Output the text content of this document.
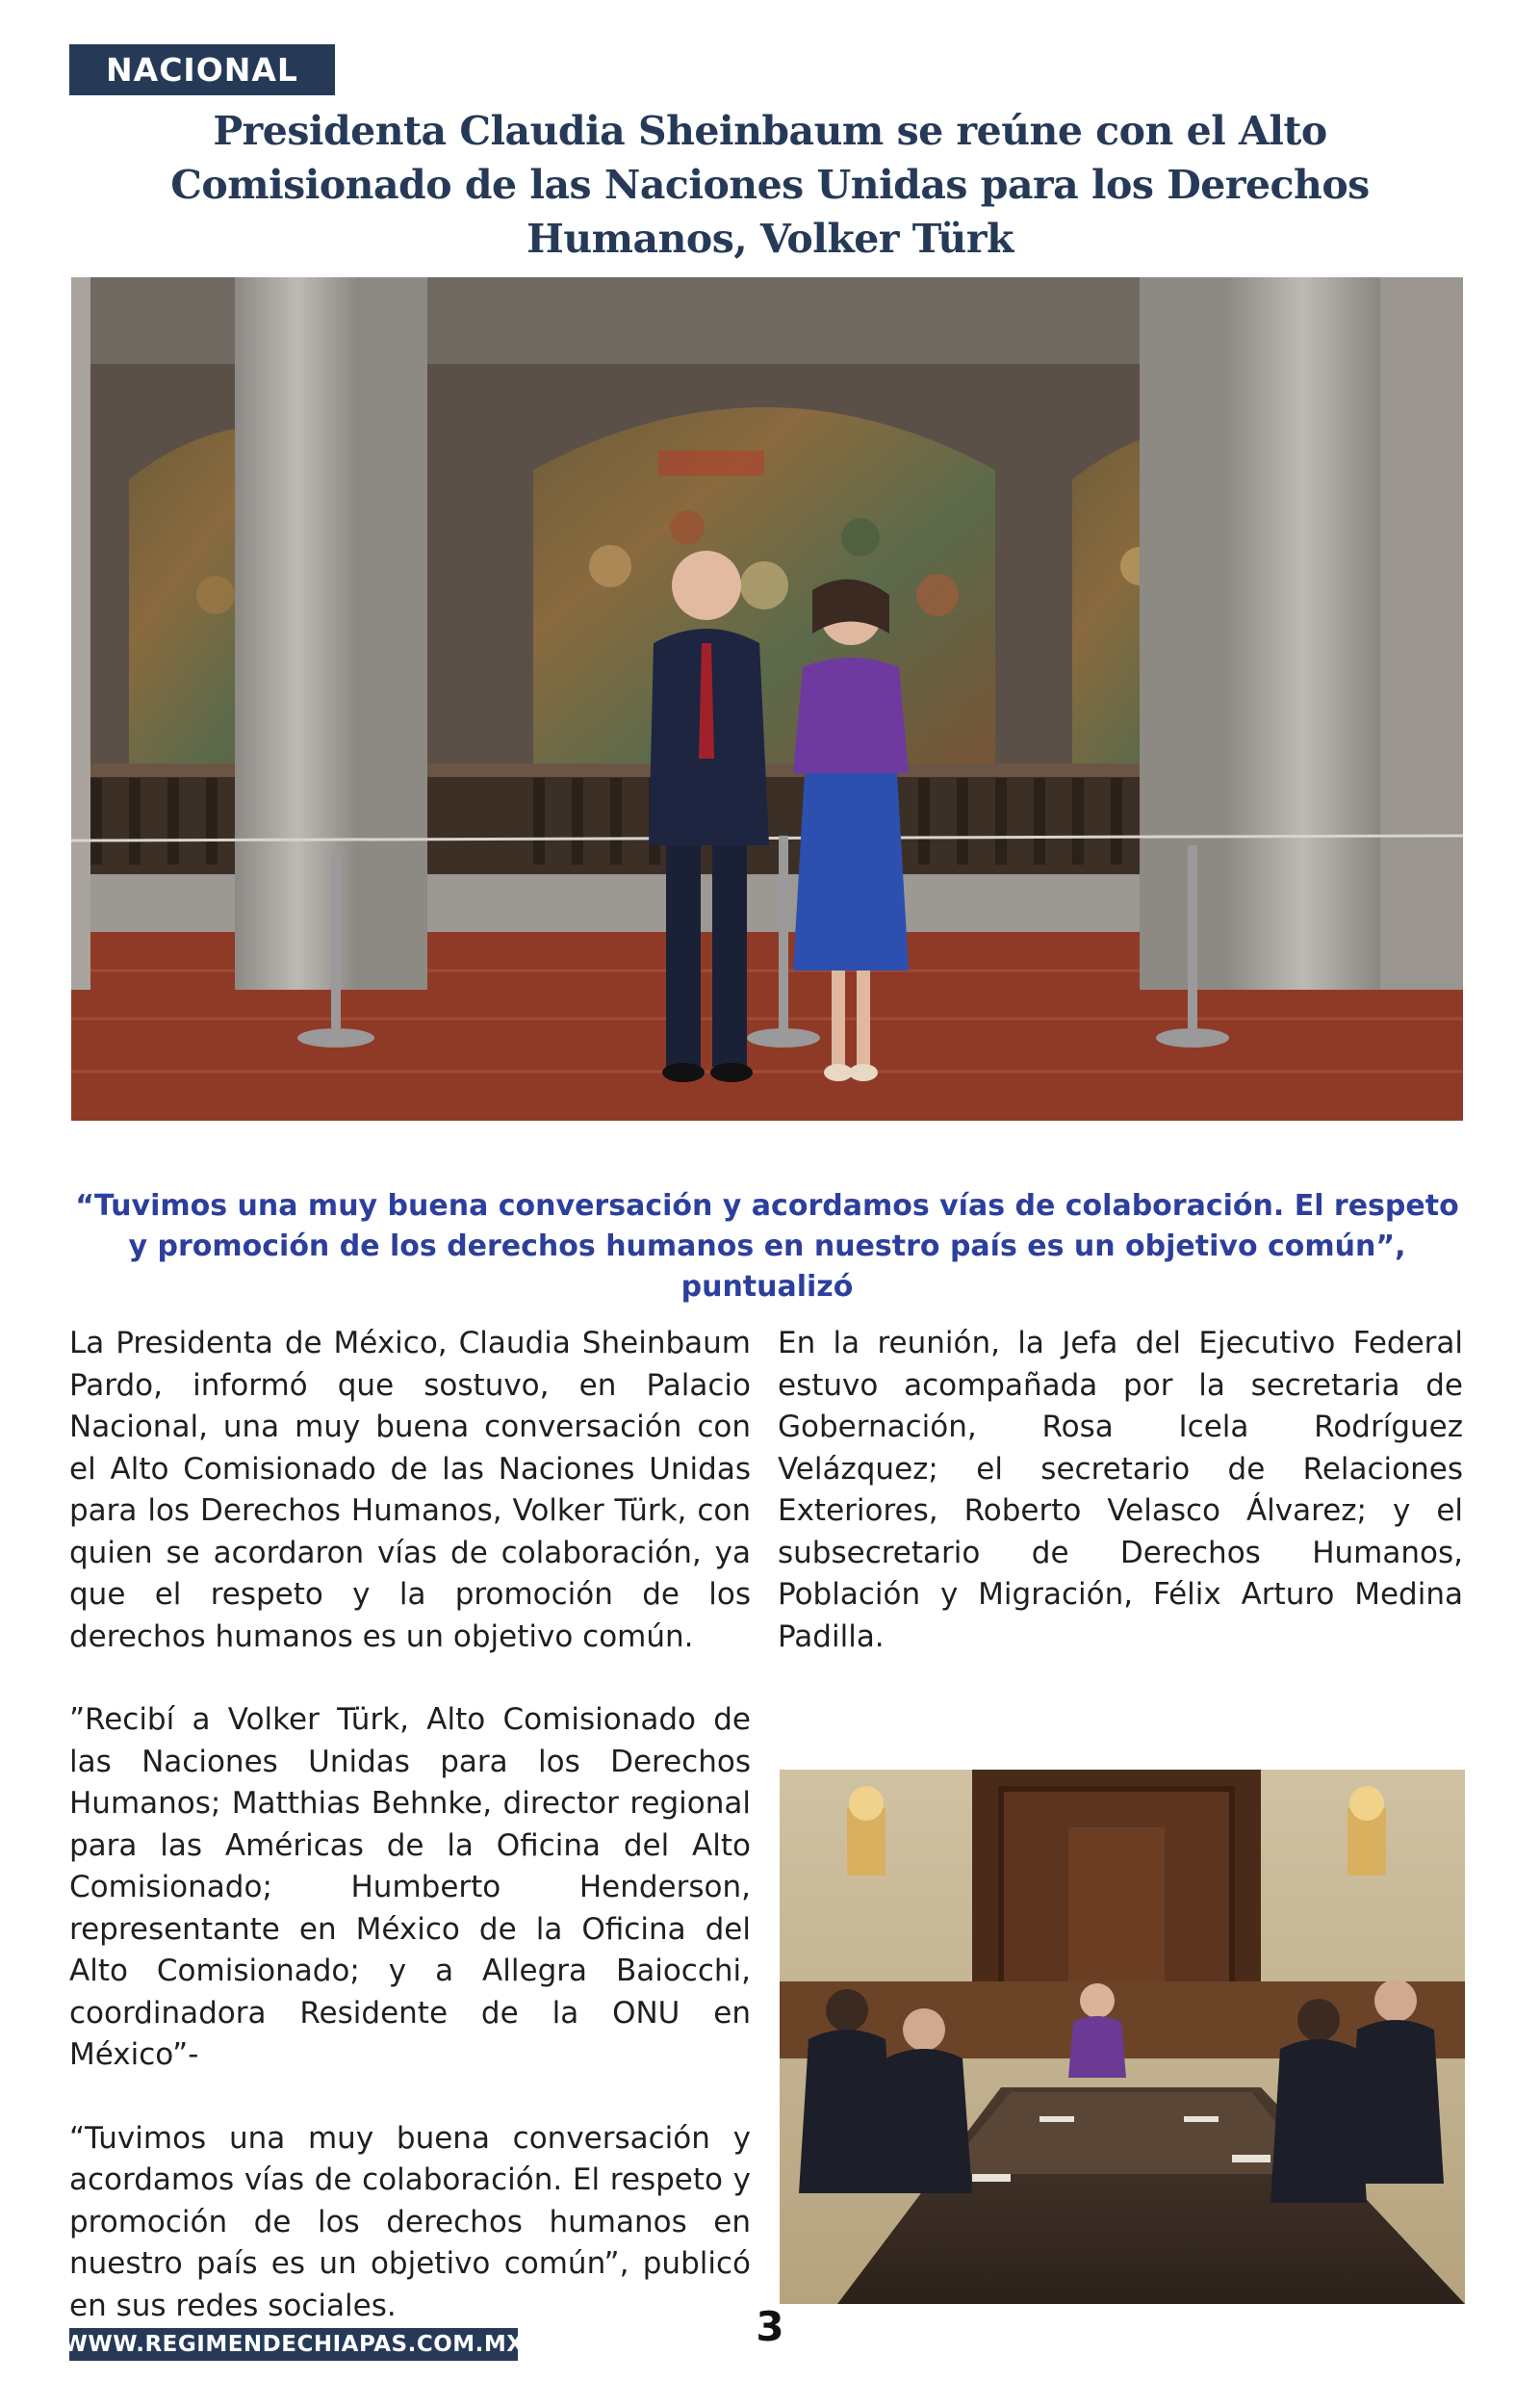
NACIONAL
Presidenta Claudia Sheinbaum se reúne con el Alto Comisionado de las Naciones Unidas para los Derechos Humanos, Volker Türk

“Tuvimos una muy buena conversación y acordamos vías de colaboración. El respeto y promoción de los derechos humanos en nuestro país es un objetivo común”, puntualizó

La Presidenta de México, Claudia Sheinbaum Pardo, informó que sostuvo, en Palacio Nacional, una muy buena conversación con el Alto Comisionado de las Naciones Unidas para los Derechos Humanos, Volker Türk, con quien se acordaron vías de colaboración, ya que el respeto y la promoción de los derechos humanos es un objetivo común.

”Recibí a Volker Türk, Alto Comisionado de las Naciones Unidas para los Derechos Humanos; Matthias Behnke, director regional para las Américas de la Oficina del Alto Comisionado; Humberto Henderson, representante en México de la Oficina del Alto Comisionado; y a Allegra Baiocchi, coordinadora Residente de la ONU en México”-

“Tuvimos una muy buena conversación y acordamos vías de colaboración. El respeto y promoción de los derechos humanos en nuestro país es un objetivo común”, publicó en sus redes sociales.

En la reunión, la Jefa del Ejecutivo Federal estuvo acompañada por la secretaria de Gobernación, Rosa Icela Rodríguez Velázquez; el secretario de Relaciones Exteriores, Roberto Velasco Álvarez; y el subsecretario de Derechos Humanos, Población y Migración, Félix Arturo Medina Padilla.

WWW.REGIMENDECHIAPAS.COM.MX	3
